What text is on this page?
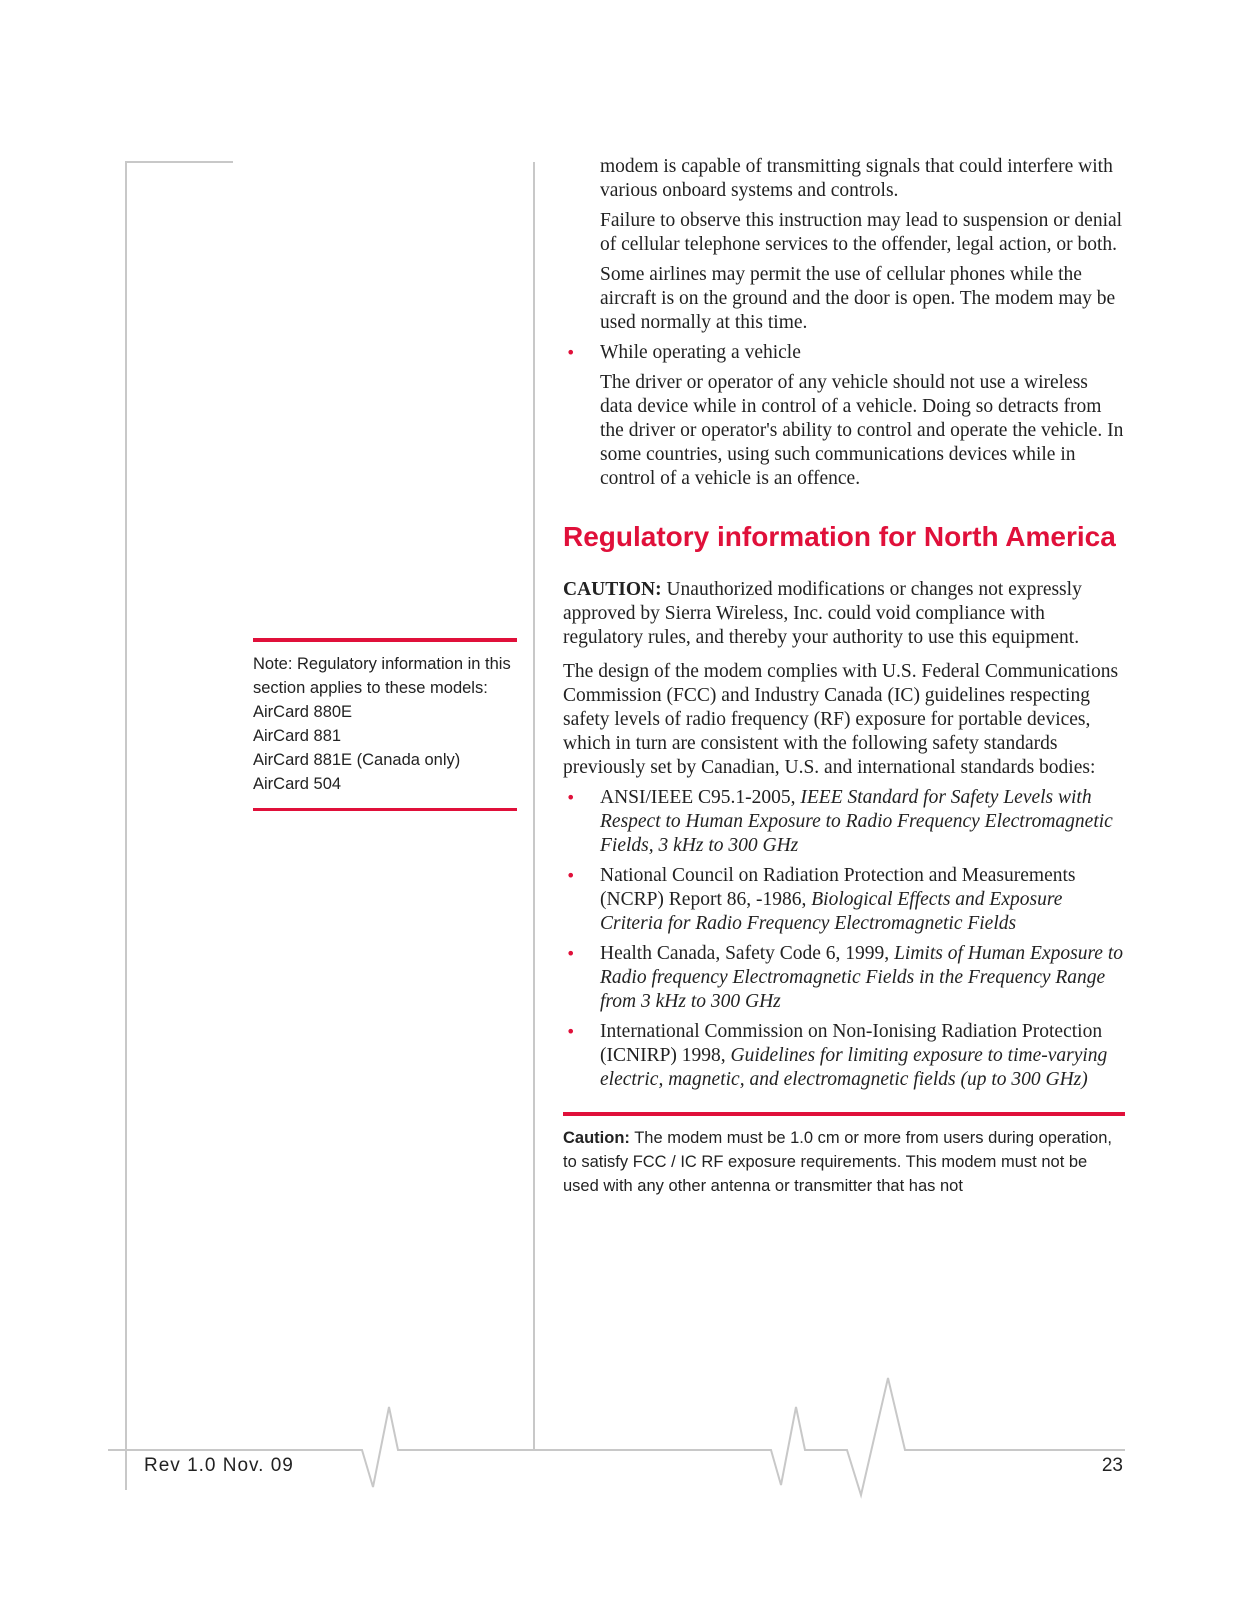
modem is capable of transmitting signals that could interfere with various onboard systems and controls.

Failure to observe this instruction may lead to suspension or denial of cellular telephone services to the offender, legal action, or both.

Some airlines may permit the use of cellular phones while the aircraft is on the ground and the door is open. The modem may be used normally at this time.

• While operating a vehicle

The driver or operator of any vehicle should not use a wireless data device while in control of a vehicle. Doing so detracts from the driver or operator's ability to control and operate the vehicle. In some countries, using such communications devices while in control of a vehicle is an offence.

Regulatory information for North America

CAUTION: Unauthorized modifications or changes not expressly approved by Sierra Wireless, Inc. could void compliance with regulatory rules, and thereby your authority to use this equipment.

The design of the modem complies with U.S. Federal Communications Commission (FCC) and Industry Canada (IC) guidelines respecting safety levels of radio frequency (RF) exposure for portable devices, which in turn are consistent with the following safety standards previously set by Canadian, U.S. and international standards bodies:

• ANSI/IEEE C95.1-2005, IEEE Standard for Safety Levels with Respect to Human Exposure to Radio Frequency Electromagnetic Fields, 3 kHz to 300 GHz
• National Council on Radiation Protection and Measurements (NCRP) Report 86, -1986, Biological Effects and Exposure Criteria for Radio Frequency Electromagnetic Fields
• Health Canada, Safety Code 6, 1999, Limits of Human Exposure to Radio frequency Electromagnetic Fields in the Frequency Range from 3 kHz to 300 GHz
• International Commission on Non-Ionising Radiation Protection (ICNIRP) 1998, Guidelines for limiting exposure to time-varying electric, magnetic, and electromagnetic fields (up to 300 GHz)
Caution: The modem must be 1.0 cm or more from users during operation, to satisfy FCC / IC RF exposure requirements. This modem must not be used with any other antenna or transmitter that has not
Note: Regulatory information in this section applies to these models:
AirCard 880E
AirCard 881
AirCard 881E (Canada only)
AirCard 504
Rev 1.0 Nov. 09	23
